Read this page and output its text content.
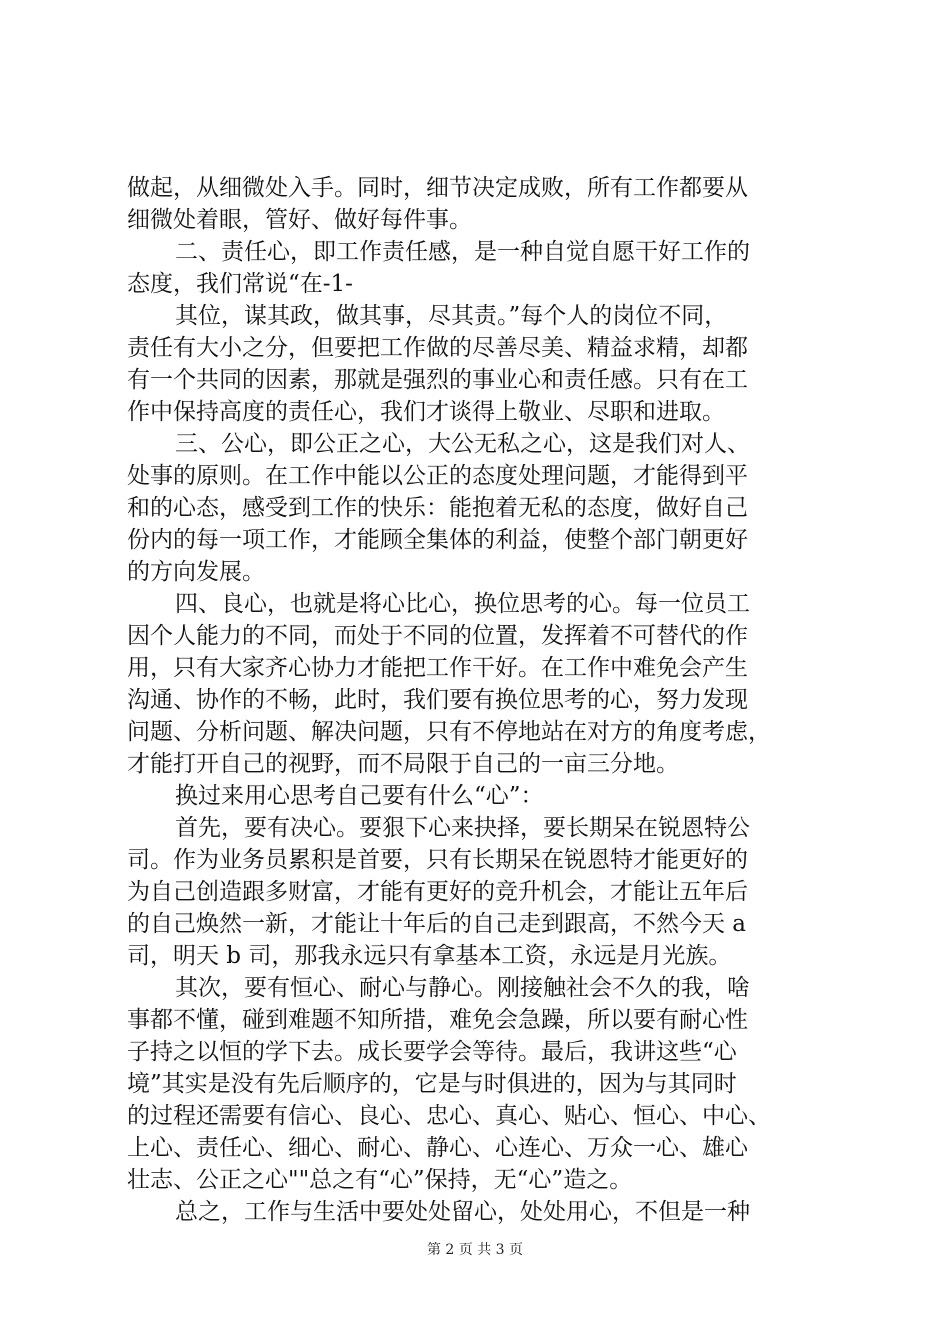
做起，从细微处入手。同时，细节决定成败，所有工作都要从
细微处着眼，管好、做好每件事。
二、责任心，即工作责任感，是一种自觉自愿干好工作的
态度，我们常说“在-1-
其位，谋其政，做其事，尽其责。”每个人的岗位不同，
责任有大小之分，但要把工作做的尽善尽美、精益求精，却都
有一个共同的因素，那就是强烈的事业心和责任感。只有在工
作中保持高度的责任心，我们才谈得上敬业、尽职和进取。
三、公心，即公正之心，大公无私之心，这是我们对人、
处事的原则。在工作中能以公正的态度处理问题，才能得到平
和的心态，感受到工作的快乐：能抱着无私的态度，做好自己
份内的每一项工作，才能顾全集体的利益，使整个部门朝更好
的方向发展。
四、良心，也就是将心比心，换位思考的心。每一位员工
因个人能力的不同，而处于不同的位置，发挥着不可替代的作
用，只有大家齐心协力才能把工作干好。在工作中难免会产生
沟通、协作的不畅，此时，我们要有换位思考的心，努力发现
问题、分析问题、解决问题，只有不停地站在对方的角度考虑，
才能打开自己的视野，而不局限于自己的一亩三分地。
换过来用心思考自己要有什么“心”：
首先，要有决心。要狠下心来抉择，要长期呆在锐恩特公
司。作为业务员累积是首要，只有长期呆在锐恩特才能更好的
为自己创造跟多财富，才能有更好的竞升机会，才能让五年后
的自己焕然一新，才能让十年后的自己走到跟高，不然今天 a
司，明天 b 司，那我永远只有拿基本工资，永远是月光族。
其次，要有恒心、耐心与静心。刚接触社会不久的我，啥
事都不懂，碰到难题不知所措，难免会急躁，所以要有耐心性
子持之以恒的学下去。成长要学会等待。最后，我讲这些“心
境”其实是没有先后顺序的，它是与时俱进的，因为与其同时
的过程还需要有信心、良心、忠心、真心、贴心、恒心、中心、
上心、责任心、细心、耐心、静心、心连心、万众一心、雄心
壮志、公正之心""总之有“心”保持，无“心”造之。
总之，工作与生活中要处处留心，处处用心，不但是一种
第 2 页 共 3 页
